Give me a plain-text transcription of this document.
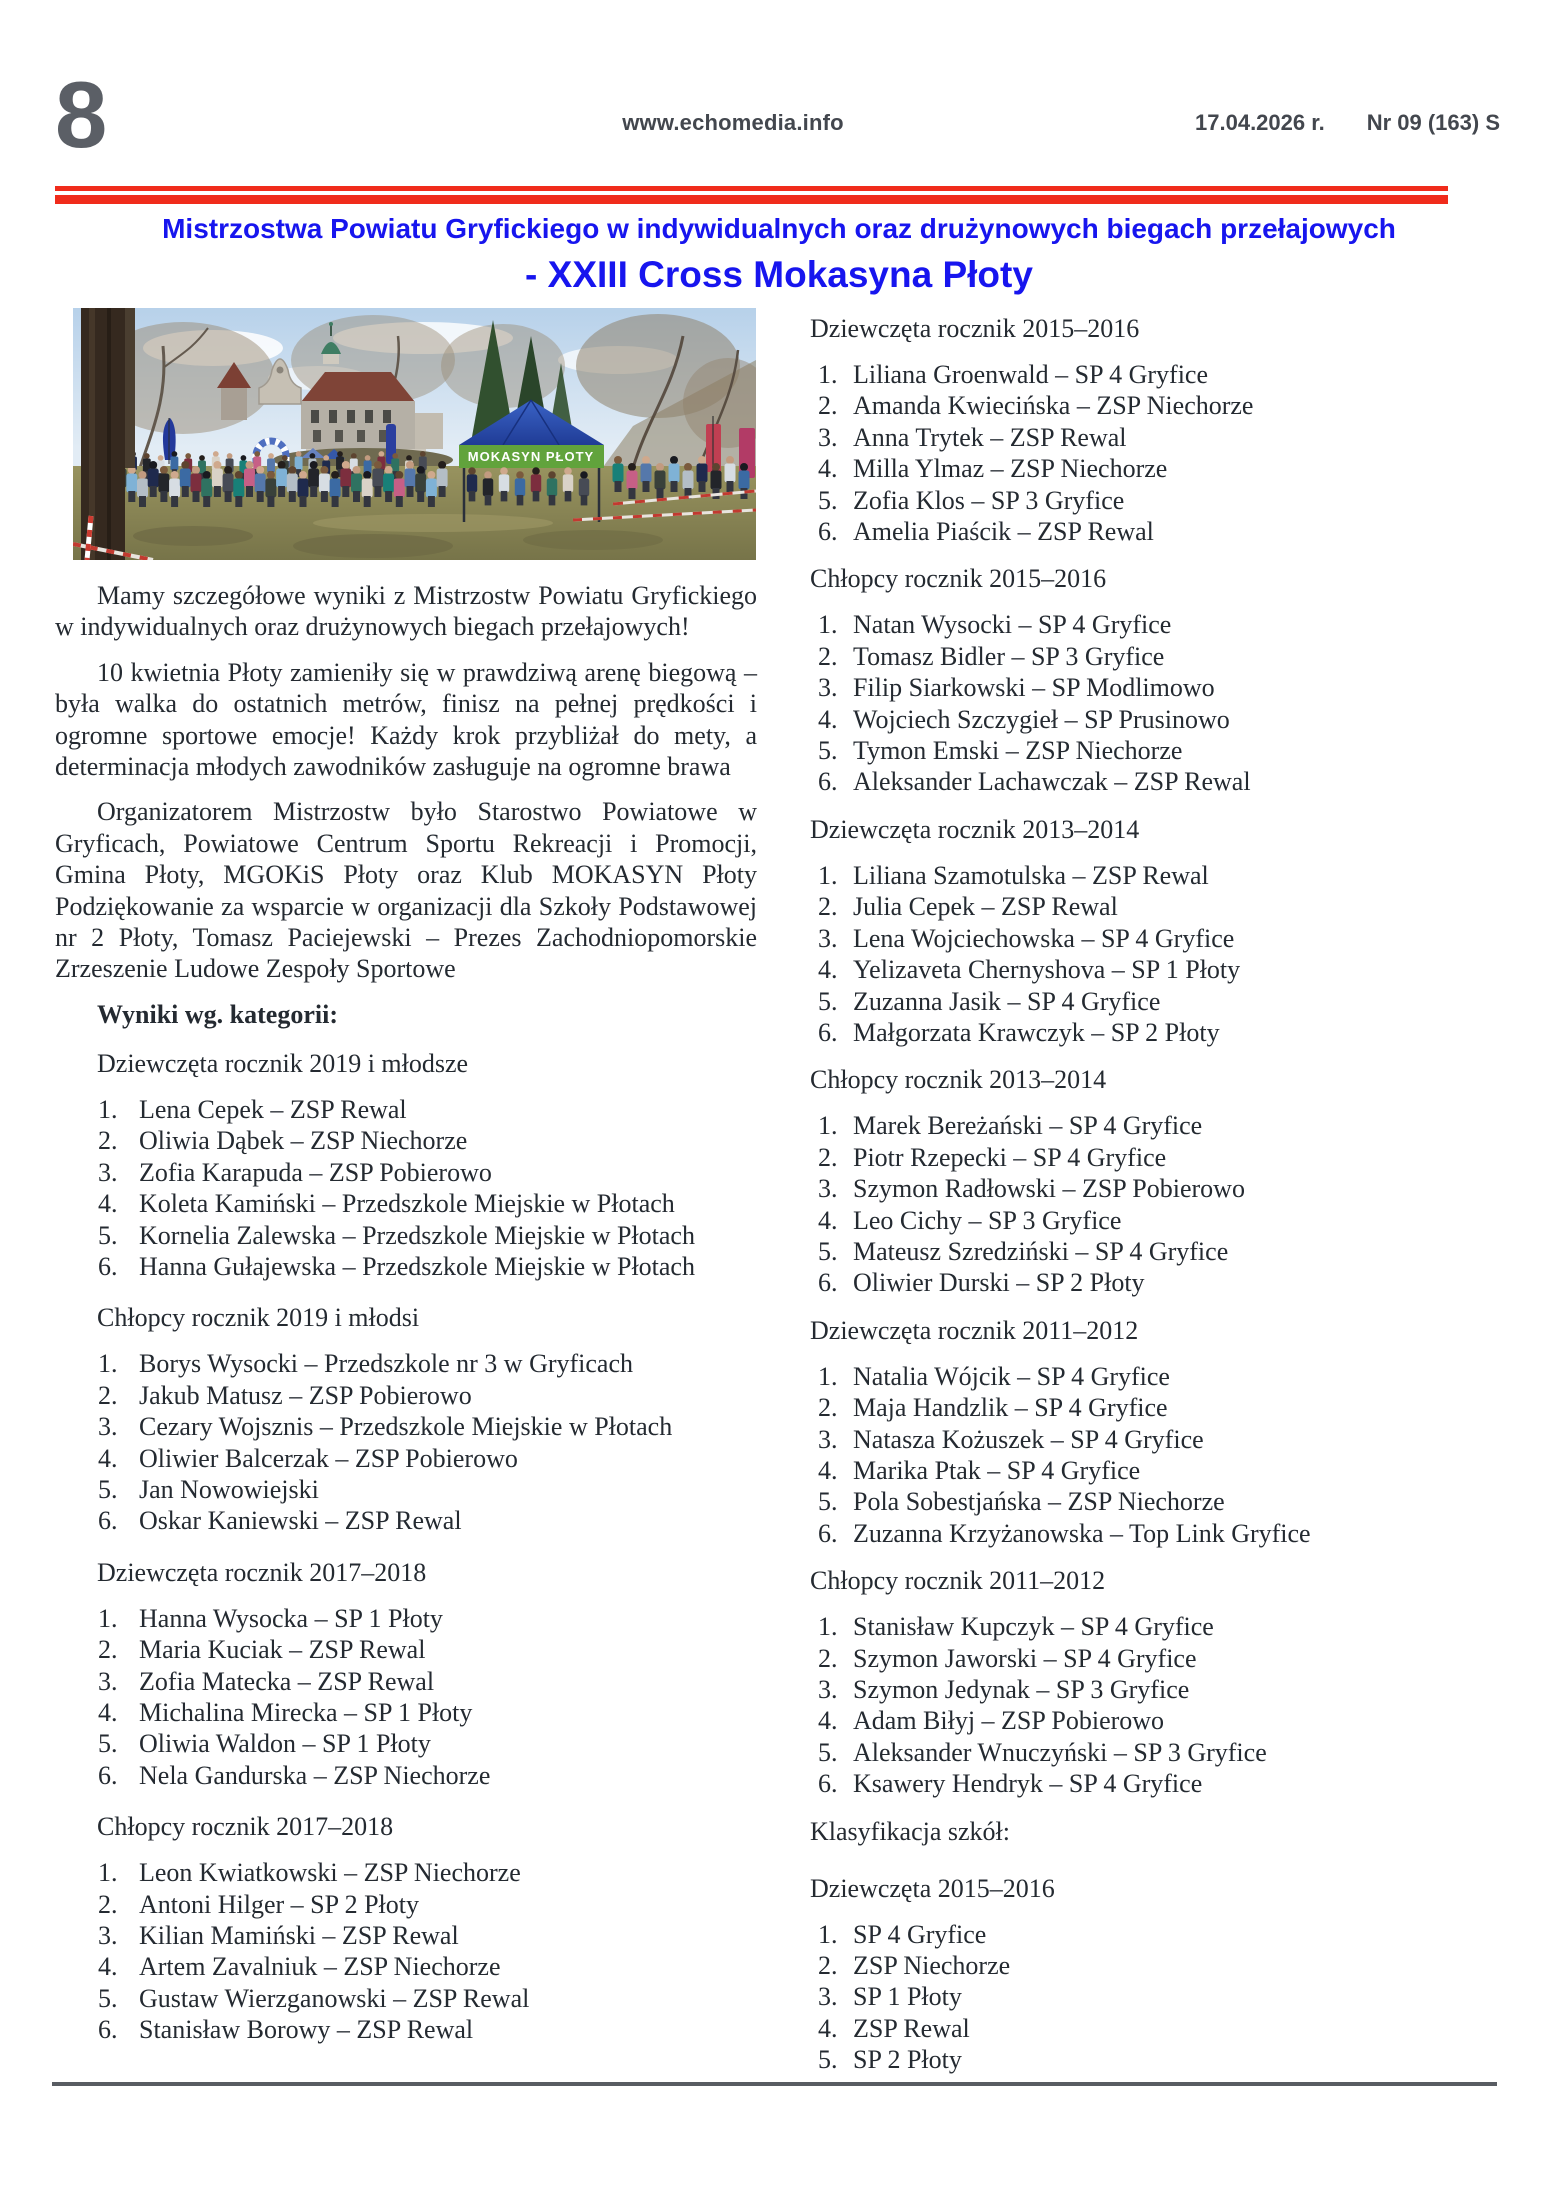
8	www.echomedia.info	17.04.2026 r. Nr 09 (163) S
Mistrzostwa Powiatu Gryfickiego w indywidualnych oraz drużynowych biegach przełajowych
- XXIII Cross Mokasyna Płoty
MOKASYN PŁOTY

Mamy szczegółowe wyniki z Mistrzostw Powiatu Gryfickiego w indywidualnych oraz drużynowych biegach przełajowych!

10 kwietnia Płoty zamieniły się w prawdziwą arenę biegową – była walka do ostatnich metrów, finisz na pełnej prędkości i ogromne sportowe emocje! Każdy krok przybliżał do mety, a determinacja młodych zawodników zasługuje na ogromne brawa

Organizatorem Mistrzostw było Starostwo Powiatowe w Gryficach, Powiatowe Centrum Sportu Rekreacji i Promocji, Gmina Płoty, MGOKiS Płoty oraz Klub MOKASYN Płoty Podziękowanie za wsparcie w organizacji dla Szkoły Podstawowej nr 2 Płoty, Tomasz Paciejewski – Prezes Zachodniopomorskie Zrzeszenie Ludowe Zespoły Sportowe

Wyniki wg. kategorii:

Dziewczęta rocznik 2019 i młodsze

1. Lena Cepek – ZSP Rewal
2. Oliwia Dąbek – ZSP Niechorze
3. Zofia Karapuda – ZSP Pobierowo
4. Koleta Kamiński – Przedszkole Miejskie w Płotach
5. Kornelia Zalewska – Przedszkole Miejskie w Płotach
6. Hanna Gułajewska – Przedszkole Miejskie w Płotach

Chłopcy rocznik 2019 i młodsi

1. Borys Wysocki – Przedszkole nr 3 w Gryficach
2. Jakub Matusz – ZSP Pobierowo
3. Cezary Wojsznis – Przedszkole Miejskie w Płotach
4. Oliwier Balcerzak – ZSP Pobierowo
5. Jan Nowowiejski
6. Oskar Kaniewski – ZSP Rewal

Dziewczęta rocznik 2017–2018

1. Hanna Wysocka – SP 1 Płoty
2. Maria Kuciak – ZSP Rewal
3. Zofia Matecka – ZSP Rewal
4. Michalina Mirecka – SP 1 Płoty
5. Oliwia Waldon – SP 1 Płoty
6. Nela Gandurska – ZSP Niechorze

Chłopcy rocznik 2017–2018

1. Leon Kwiatkowski – ZSP Niechorze
2. Antoni Hilger – SP 2 Płoty
3. Kilian Mamiński – ZSP Rewal
4. Artem Zavalniuk – ZSP Niechorze
5. Gustaw Wierzganowski – ZSP Rewal
6. Stanisław Borowy – ZSP Rewal

Dziewczęta rocznik 2015–2016

1. Liliana Groenwald – SP 4 Gryfice
2. Amanda Kwiecińska – ZSP Niechorze
3. Anna Trytek – ZSP Rewal
4. Milla Ylmaz – ZSP Niechorze
5. Zofia Klos – SP 3 Gryfice
6. Amelia Piaścik – ZSP Rewal

Chłopcy rocznik 2015–2016

1. Natan Wysocki – SP 4 Gryfice
2. Tomasz Bidler – SP 3 Gryfice
3. Filip Siarkowski – SP Modlimowo
4. Wojciech Szczygieł – SP Prusinowo
5. Tymon Emski – ZSP Niechorze
6. Aleksander Lachawczak – ZSP Rewal

Dziewczęta rocznik 2013–2014

1. Liliana Szamotulska – ZSP Rewal
2. Julia Cepek – ZSP Rewal
3. Lena Wojciechowska – SP 4 Gryfice
4. Yelizaveta Chernyshova – SP 1 Płoty
5. Zuzanna Jasik – SP 4 Gryfice
6. Małgorzata Krawczyk – SP 2 Płoty

Chłopcy rocznik 2013–2014

1. Marek Bereżański – SP 4 Gryfice
2. Piotr Rzepecki – SP 4 Gryfice
3. Szymon Radłowski – ZSP Pobierowo
4. Leo Cichy – SP 3 Gryfice
5. Mateusz Szredziński – SP 4 Gryfice
6. Oliwier Durski – SP 2 Płoty

Dziewczęta rocznik 2011–2012

1. Natalia Wójcik – SP 4 Gryfice
2. Maja Handzlik – SP 4 Gryfice
3. Natasza Kożuszek – SP 4 Gryfice
4. Marika Ptak – SP 4 Gryfice
5. Pola Sobestjańska – ZSP Niechorze
6. Zuzanna Krzyżanowska – Top Link Gryfice

Chłopcy rocznik 2011–2012

1. Stanisław Kupczyk – SP 4 Gryfice
2. Szymon Jaworski – SP 4 Gryfice
3. Szymon Jedynak – SP 3 Gryfice
4. Adam Biłyj – ZSP Pobierowo
5. Aleksander Wnuczyński – SP 3 Gryfice
6. Ksawery Hendryk – SP 4 Gryfice

Klasyfikacja szkół:

Dziewczęta 2015–2016

1. SP 4 Gryfice
2. ZSP Niechorze
3. SP 1 Płoty
4. ZSP Rewal
5. SP 2 Płoty
